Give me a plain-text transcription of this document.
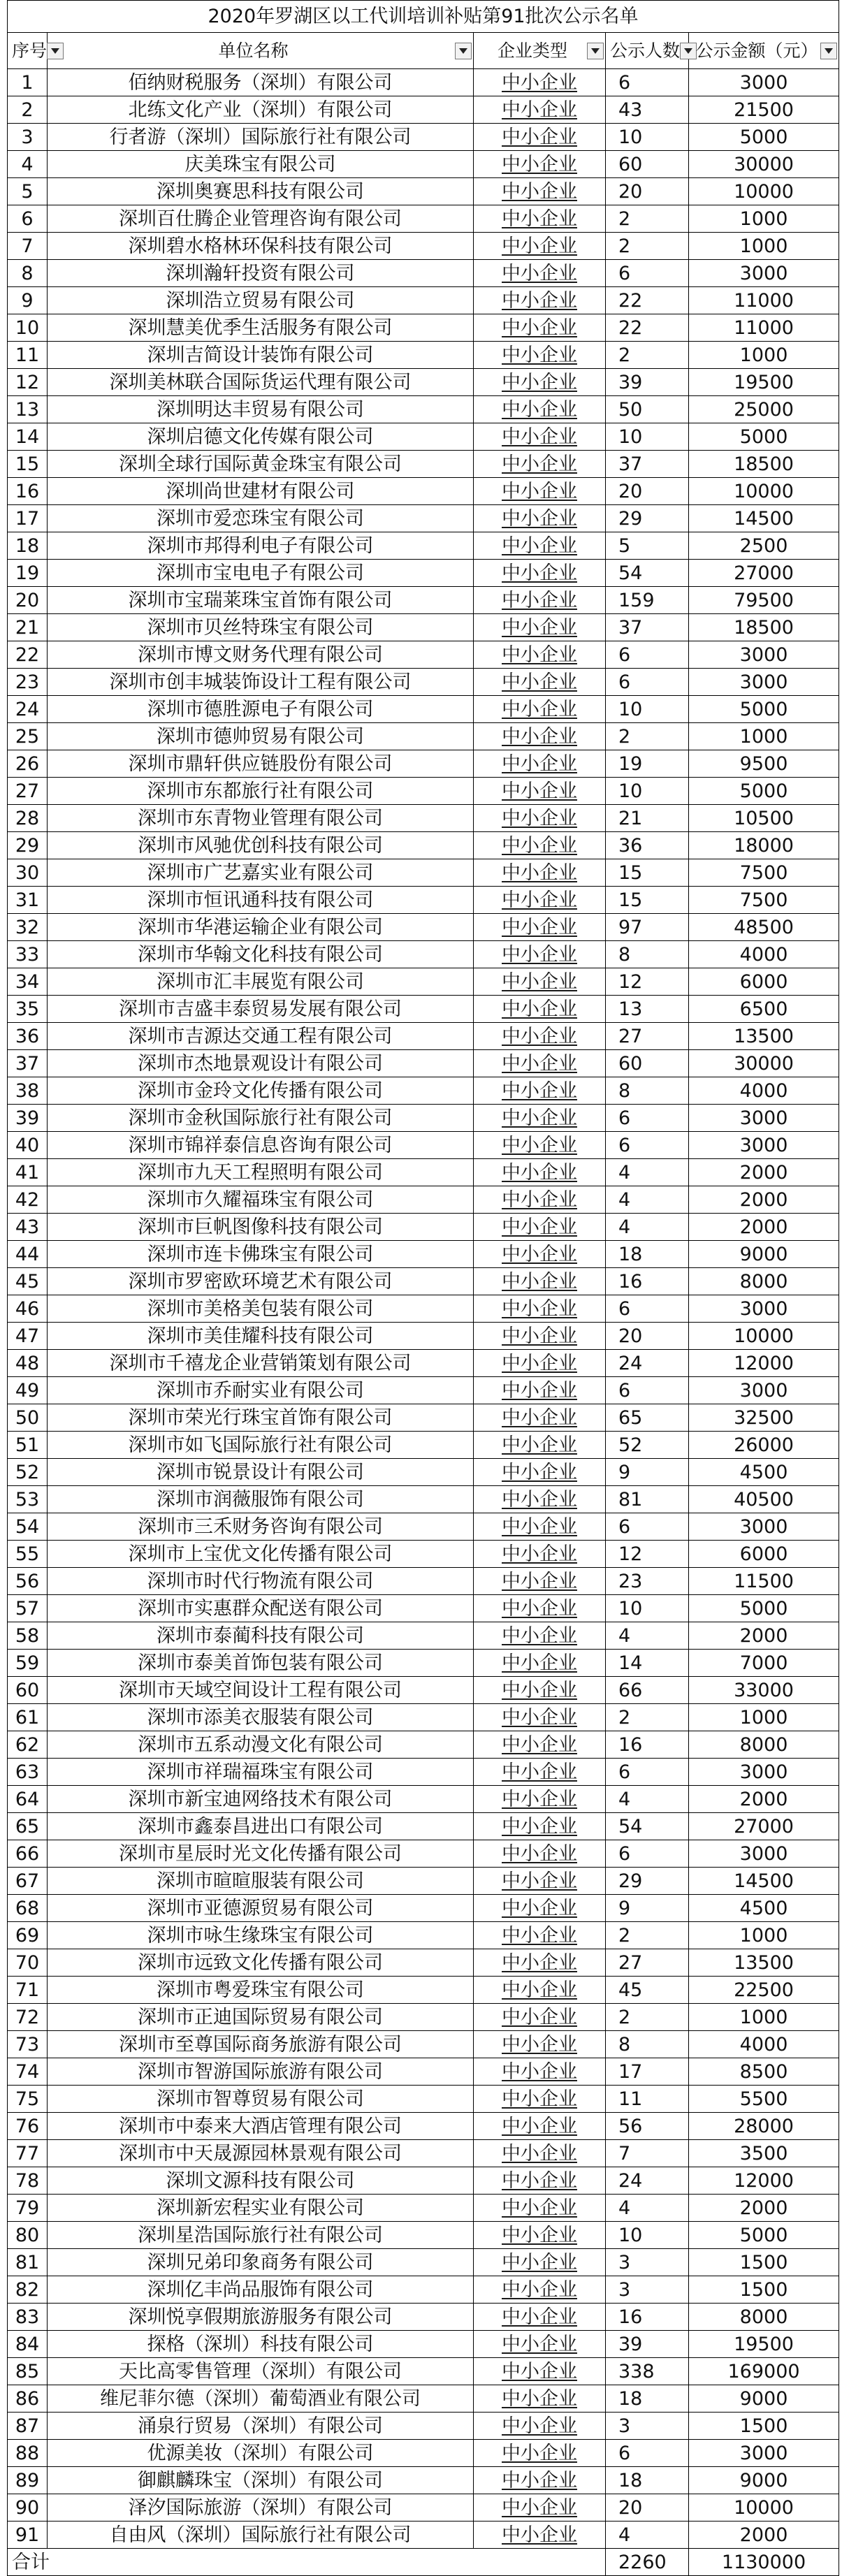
2020年罗湖区以工代训培训补贴第91批次公示名单				

序号	单位名称	企业类型	公示人数	公示金额（元）

1	佰纳财税服务（深圳）有限公司	中小企业	6	3000
2	北练文化产业（深圳）有限公司	中小企业	43	21500
3	行者游（深圳）国际旅行社有限公司	中小企业	10	5000
4	庆美珠宝有限公司	中小企业	60	30000
5	深圳奥赛思科技有限公司	中小企业	20	10000
6	深圳百仕腾企业管理咨询有限公司	中小企业	2	1000
7	深圳碧水格林环保科技有限公司	中小企业	2	1000
8	深圳瀚轩投资有限公司	中小企业	6	3000
9	深圳浩立贸易有限公司	中小企业	22	11000
10	深圳慧美优季生活服务有限公司	中小企业	22	11000
11	深圳吉简设计装饰有限公司	中小企业	2	1000
12	深圳美林联合国际货运代理有限公司	中小企业	39	19500
13	深圳明达丰贸易有限公司	中小企业	50	25000
14	深圳启德文化传媒有限公司	中小企业	10	5000
15	深圳全球行国际黄金珠宝有限公司	中小企业	37	18500
16	深圳尚世建材有限公司	中小企业	20	10000
17	深圳市爱恋珠宝有限公司	中小企业	29	14500
18	深圳市邦得利电子有限公司	中小企业	5	2500
19	深圳市宝电电子有限公司	中小企业	54	27000
20	深圳市宝瑞莱珠宝首饰有限公司	中小企业	159	79500
21	深圳市贝丝特珠宝有限公司	中小企业	37	18500
22	深圳市博文财务代理有限公司	中小企业	6	3000
23	深圳市创丰城装饰设计工程有限公司	中小企业	6	3000
24	深圳市德胜源电子有限公司	中小企业	10	5000
25	深圳市德帅贸易有限公司	中小企业	2	1000
26	深圳市鼎轩供应链股份有限公司	中小企业	19	9500
27	深圳市东都旅行社有限公司	中小企业	10	5000
28	深圳市东青物业管理有限公司	中小企业	21	10500
29	深圳市风驰优创科技有限公司	中小企业	36	18000
30	深圳市广艺嘉实业有限公司	中小企业	15	7500
31	深圳市恒讯通科技有限公司	中小企业	15	7500
32	深圳市华港运输企业有限公司	中小企业	97	48500
33	深圳市华翰文化科技有限公司	中小企业	8	4000
34	深圳市汇丰展览有限公司	中小企业	12	6000
35	深圳市吉盛丰泰贸易发展有限公司	中小企业	13	6500
36	深圳市吉源达交通工程有限公司	中小企业	27	13500
37	深圳市杰地景观设计有限公司	中小企业	60	30000
38	深圳市金玲文化传播有限公司	中小企业	8	4000
39	深圳市金秋国际旅行社有限公司	中小企业	6	3000
40	深圳市锦祥泰信息咨询有限公司	中小企业	6	3000
41	深圳市九天工程照明有限公司	中小企业	4	2000
42	深圳市久耀福珠宝有限公司	中小企业	4	2000
43	深圳市巨帆图像科技有限公司	中小企业	4	2000
44	深圳市连卡佛珠宝有限公司	中小企业	18	9000
45	深圳市罗密欧环境艺术有限公司	中小企业	16	8000
46	深圳市美格美包装有限公司	中小企业	6	3000
47	深圳市美佳耀科技有限公司	中小企业	20	10000
48	深圳市千禧龙企业营销策划有限公司	中小企业	24	12000
49	深圳市乔耐实业有限公司	中小企业	6	3000
50	深圳市荣光行珠宝首饰有限公司	中小企业	65	32500
51	深圳市如飞国际旅行社有限公司	中小企业	52	26000
52	深圳市锐景设计有限公司	中小企业	9	4500
53	深圳市润薇服饰有限公司	中小企业	81	40500
54	深圳市三禾财务咨询有限公司	中小企业	6	3000
55	深圳市上宝优文化传播有限公司	中小企业	12	6000
56	深圳市时代行物流有限公司	中小企业	23	11500
57	深圳市实惠群众配送有限公司	中小企业	10	5000
58	深圳市泰蔺科技有限公司	中小企业	4	2000
59	深圳市泰美首饰包装有限公司	中小企业	14	7000
60	深圳市天域空间设计工程有限公司	中小企业	66	33000
61	深圳市添美衣服装有限公司	中小企业	2	1000
62	深圳市五系动漫文化有限公司	中小企业	16	8000
63	深圳市祥瑞福珠宝有限公司	中小企业	6	3000
64	深圳市新宝迪网络技术有限公司	中小企业	4	2000
65	深圳市鑫泰昌进出口有限公司	中小企业	54	27000
66	深圳市星辰时光文化传播有限公司	中小企业	6	3000
67	深圳市暄暄服装有限公司	中小企业	29	14500
68	深圳市亚德源贸易有限公司	中小企业	9	4500
69	深圳市咏生缘珠宝有限公司	中小企业	2	1000
70	深圳市远致文化传播有限公司	中小企业	27	13500
71	深圳市粤爱珠宝有限公司	中小企业	45	22500
72	深圳市正迪国际贸易有限公司	中小企业	2	1000
73	深圳市至尊国际商务旅游有限公司	中小企业	8	4000
74	深圳市智游国际旅游有限公司	中小企业	17	8500
75	深圳市智尊贸易有限公司	中小企业	11	5500
76	深圳市中泰来大酒店管理有限公司	中小企业	56	28000
77	深圳市中天晟源园林景观有限公司	中小企业	7	3500
78	深圳文源科技有限公司	中小企业	24	12000
79	深圳新宏程实业有限公司	中小企业	4	2000
80	深圳星浩国际旅行社有限公司	中小企业	10	5000
81	深圳兄弟印象商务有限公司	中小企业	3	1500
82	深圳亿丰尚品服饰有限公司	中小企业	3	1500
83	深圳悦享假期旅游服务有限公司	中小企业	16	8000
84	探格（深圳）科技有限公司	中小企业	39	19500
85	天比高零售管理（深圳）有限公司	中小企业	338	169000
86	维尼菲尔德（深圳）葡萄酒业有限公司	中小企业	18	9000
87	涌泉行贸易（深圳）有限公司	中小企业	3	1500
88	优源美妆（深圳）有限公司	中小企业	6	3000
89	御麒麟珠宝（深圳）有限公司	中小企业	18	9000
90	泽汐国际旅游（深圳）有限公司	中小企业	20	10000
91	自由风（深圳）国际旅行社有限公司	中小企业	4	2000
合计			2260	1130000
